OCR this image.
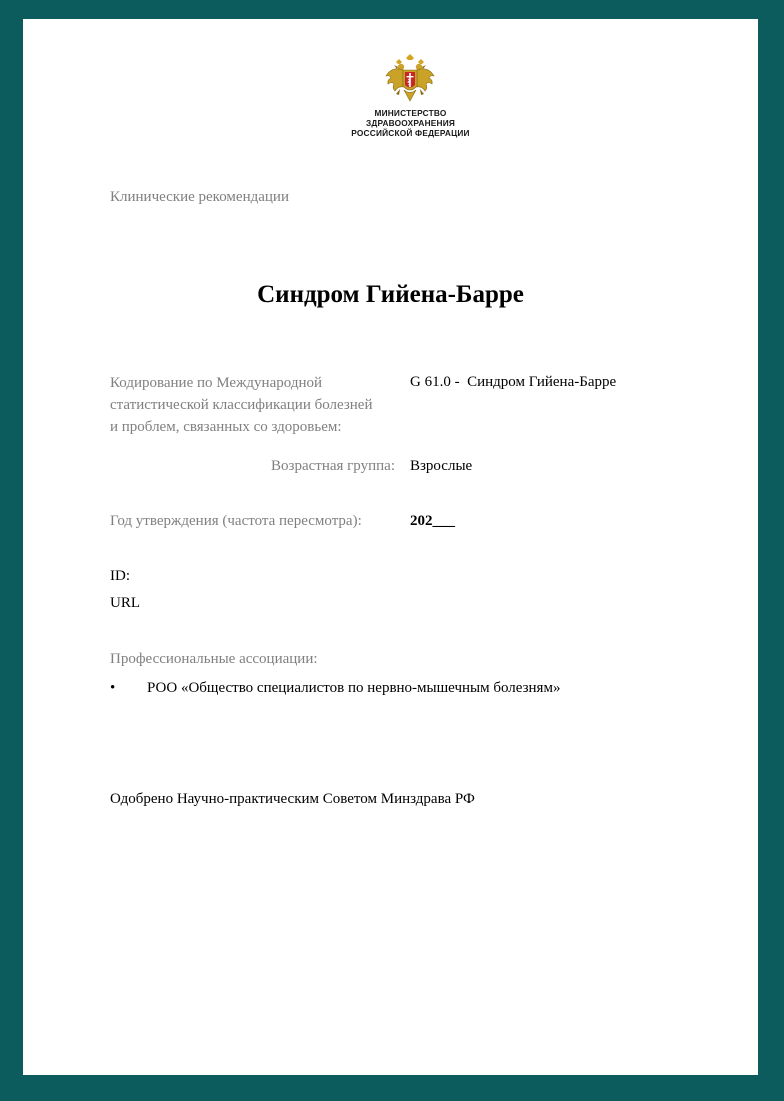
МИНИСТЕРСТВО
ЗДРАВООХРАНЕНИЯ
РОССИЙСКОЙ ФЕДЕРАЦИИ
Клинические рекомендации
Синдром Гийена-Барре
Кодирование по Международной
статистической классификации болезней
и проблем, связанных со здоровьем:
G 61.0 -  Синдром Гийена-Барре
Возрастная группа: Взрослые
Год утверждения (частота пересмотра):	202___
ID:
URL
Профессиональные ассоциации:
• РОО «Общество специалистов по нервно-мышечным болезням»
Одобрено Научно-практическим Советом Минздрава РФ
